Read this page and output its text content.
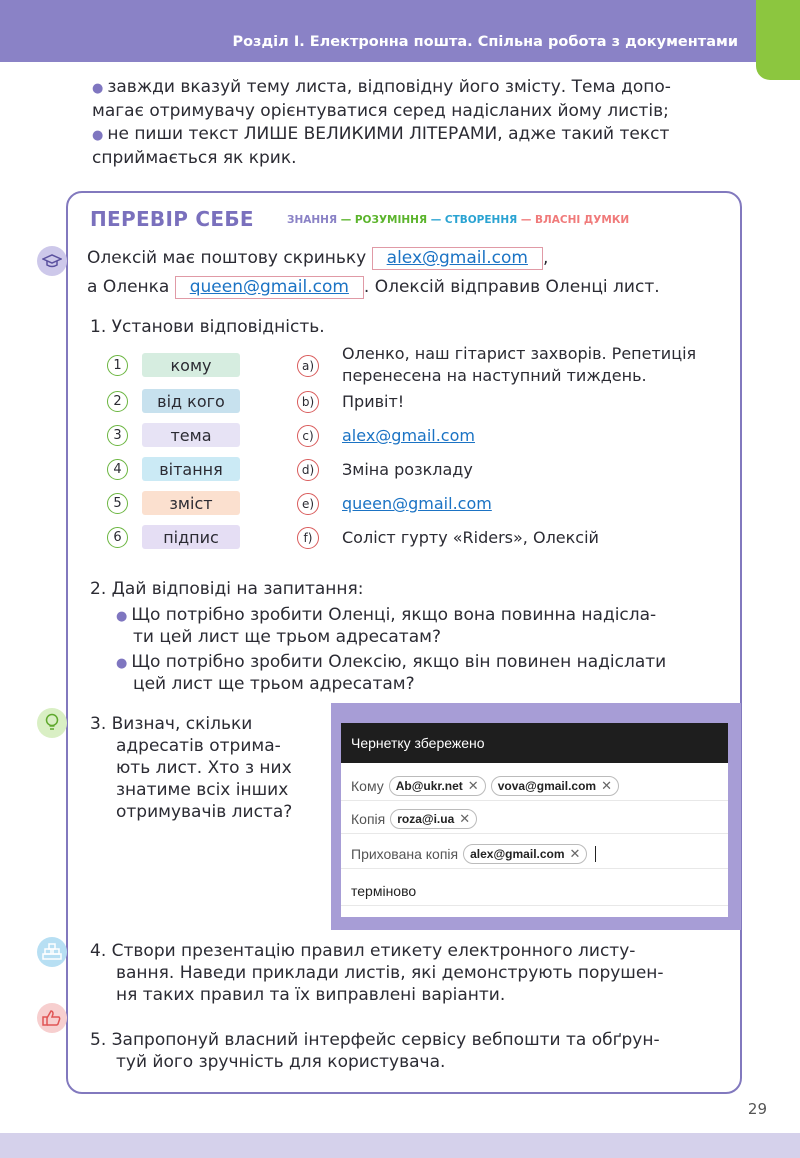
Розділ І. Електронна пошта. Спільна робота з документами

● завжди вказуй тему листа, відповідну його змісту. Тема допо-

магає отримувачу орієнтуватися серед надісланих йому листів;

● не пиши текст ЛИШЕ ВЕЛИКИМИ ЛІТЕРАМИ, адже такий текст

сприймається як крик.

ПЕРЕВІР СЕБЕ	ЗНАННЯ — РОЗУМІННЯ — СТВОРЕННЯ — ВЛАСНІ ДУМКИ
Олексій має поштову скриньку alex@gmail.com ,
а Оленка queen@gmail.com . Олексій відправив Оленці лист.
1. Установи відповідність.
1	кому	a)
Оленко, наш гітарист захворів. Репетиція
перенесена на наступний тиждень.
2	від кого	b)	Привіт!
3	тема	c)	alex@gmail.com
4	вітання	d)	Зміна розкладу
5	зміст	e)	queen@gmail.com
6	підпис	f)	Соліст гурту «Riders», Олексій
2. Дай відповіді на запитання:
● Що потрібно зробити Оленці, якщо вона повинна надісла-
ти цей лист ще трьом адресатам?
● Що потрібно зробити Олексію, якщо він повинен надіслати
цей лист ще трьом адресатам?
3. Визнач, скільки
адресатів отрима-
ють лист. Хто з них
знатиме всіх інших
отримувачів листа?
Чернетку збережено
Кому Ab@ukr.net ✕ vova@gmail.com ✕
Копія roza@i.ua ✕
Прихована копія alex@gmail.com ✕
терміново
4. Створи презентацію правил етикету електронного листу-
вання. Наведи приклади листів, які демонструють порушен-
ня таких правил та їх виправлені варіанти.
5. Запропонуй власний інтерфейс сервісу вебпошти та обґрун-
туй його зручність для користувача.
29
